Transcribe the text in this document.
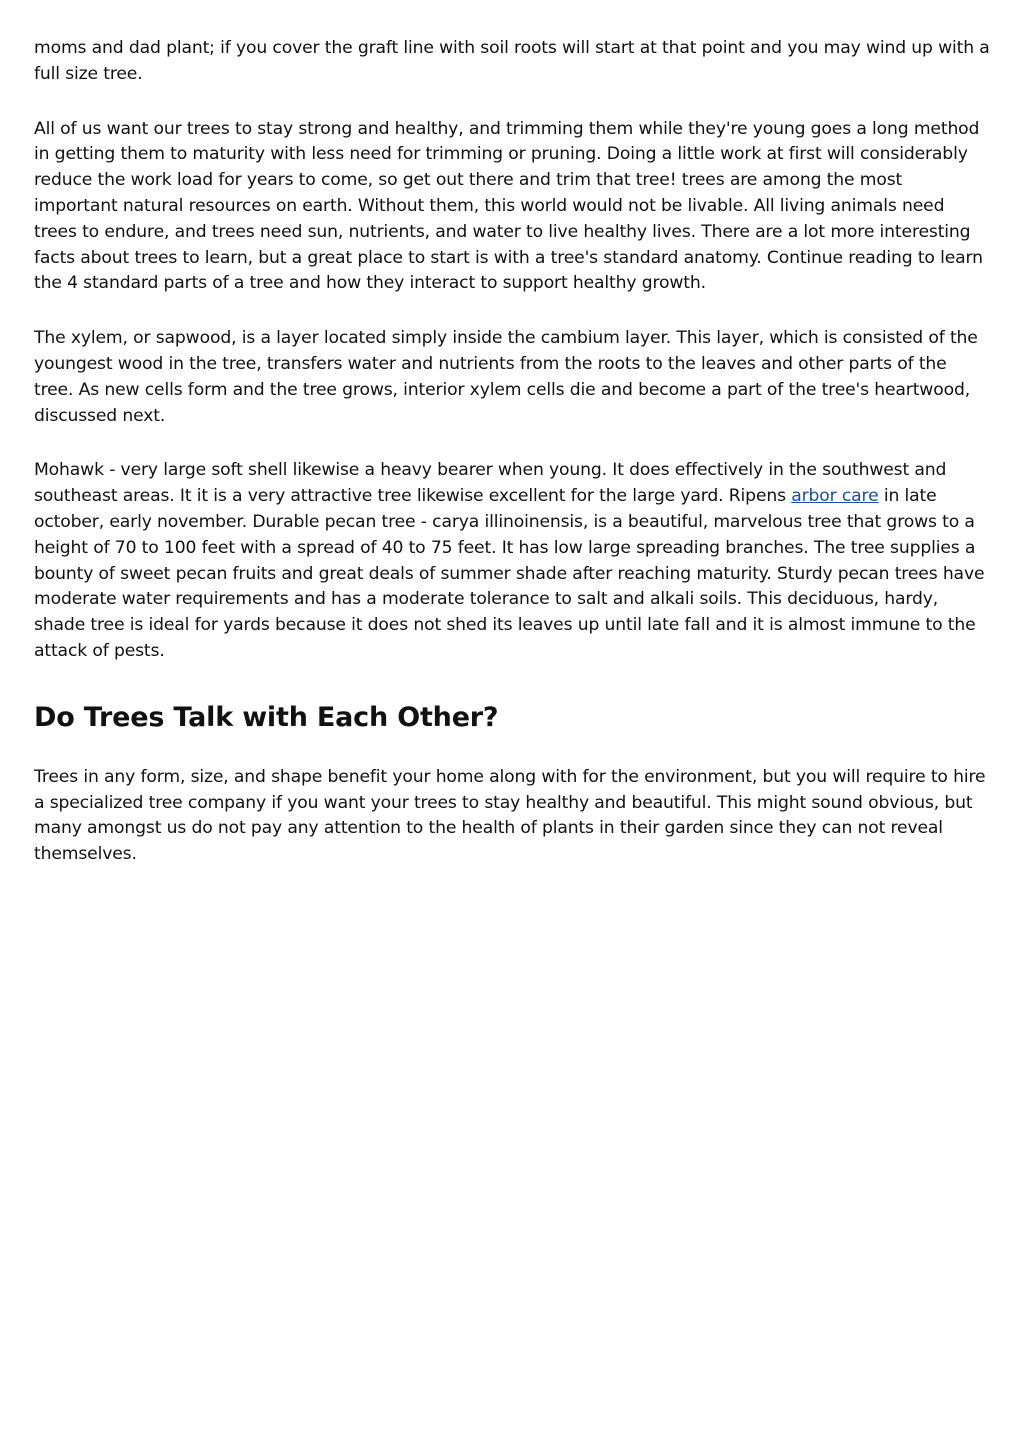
moms and dad plant; if you cover the graft line with soil roots will start at that point and you may wind up with a full size tree.

All of us want our trees to stay strong and healthy, and trimming them while they're young goes a long method in getting them to maturity with less need for trimming or pruning. Doing a little work at first will considerably reduce the work load for years to come, so get out there and trim that tree! trees are among the most important natural resources on earth. Without them, this world would not be livable. All living animals need trees to endure, and trees need sun, nutrients, and water to live healthy lives. There are a lot more interesting facts about trees to learn, but a great place to start is with a tree's standard anatomy. Continue reading to learn the 4 standard parts of a tree and how they interact to support healthy growth.

The xylem, or sapwood, is a layer located simply inside the cambium layer. This layer, which is consisted of the youngest wood in the tree, transfers water and nutrients from the roots to the leaves and other parts of the tree. As new cells form and the tree grows, interior xylem cells die and become a part of the tree's heartwood, discussed next.

Mohawk - very large soft shell likewise a heavy bearer when young. It does effectively in the southwest and southeast areas. It it is a very attractive tree likewise excellent for the large yard. Ripens arbor care in late october, early november. Durable pecan tree - carya illinoinensis, is a beautiful, marvelous tree that grows to a height of 70 to 100 feet with a spread of 40 to 75 feet. It has low large spreading branches. The tree supplies a bounty of sweet pecan fruits and great deals of summer shade after reaching maturity. Sturdy pecan trees have moderate water requirements and has a moderate tolerance to salt and alkali soils. This deciduous, hardy, shade tree is ideal for yards because it does not shed its leaves up until late fall and it is almost immune to the attack of pests.

Do Trees Talk with Each Other?

Trees in any form, size, and shape benefit your home along with for the environment, but you will require to hire a specialized tree company if you want your trees to stay healthy and beautiful. This might sound obvious, but many amongst us do not pay any attention to the health of plants in their garden since they can not reveal themselves.
